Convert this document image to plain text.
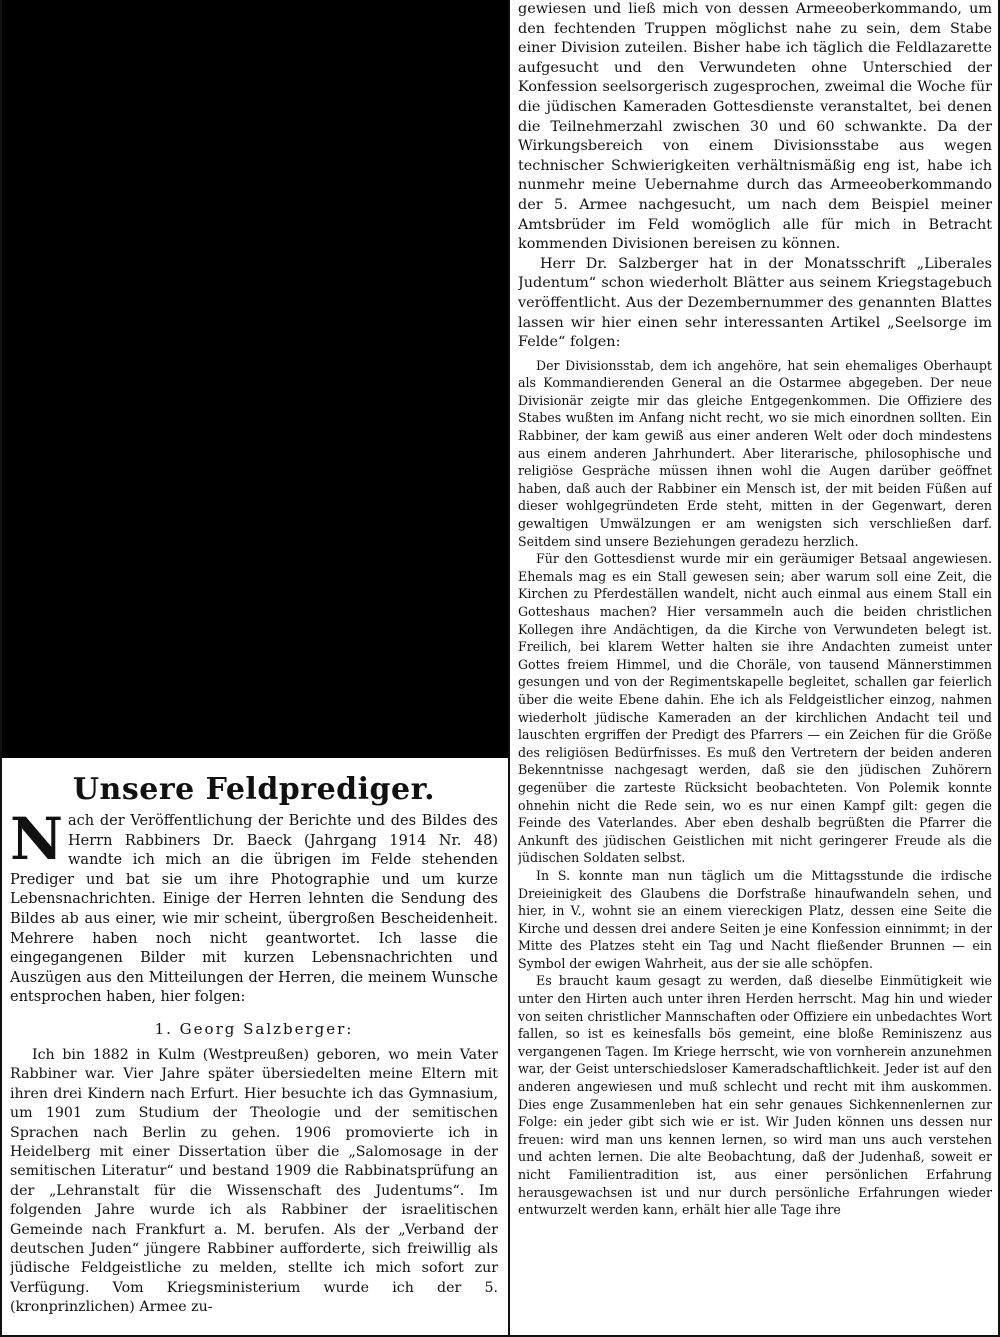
Unsere Feldprediger.

Nach der Veröffentlichung der Berichte und des Bildes des Herrn Rabbiners Dr. Baeck (Jahrgang 1914 Nr. 48) wandte ich mich an die übrigen im Felde stehenden Prediger und bat sie um ihre Photographie und um kurze Lebensnachrichten. Einige der Herren lehnten die Sendung des Bildes ab aus einer, wie mir scheint, übergroßen Bescheidenheit. Mehrere haben noch nicht geantwortet. Ich lasse die eingegangenen Bilder mit kurzen Lebensnachrichten und Auszügen aus den Mitteilungen der Herren, die meinem Wunsche entsprochen haben, hier folgen:

1. Georg Salzberger:

Ich bin 1882 in Kulm (Westpreußen) geboren, wo mein Vater Rabbiner war. Vier Jahre später übersiedelten meine Eltern mit ihren drei Kindern nach Erfurt. Hier besuchte ich das Gymnasium, um 1901 zum Studium der Theologie und der semitischen Sprachen nach Berlin zu gehen. 1906 promovierte ich in Heidelberg mit einer Dissertation über die „Salomosage in der semitischen Literatur“ und bestand 1909 die Rabbinatsprüfung an der „Lehranstalt für die Wissenschaft des Judentums“. Im folgenden Jahre wurde ich als Rabbiner der israelitischen Gemeinde nach Frankfurt a. M. berufen. Als der „Verband der deutschen Juden“ jüngere Rabbiner aufforderte, sich freiwillig als jüdische Feldgeistliche zu melden, stellte ich mich sofort zur Verfügung. Vom Kriegsministerium wurde ich der 5. (kronprinzlichen) Armee zu-

gewiesen und ließ mich von dessen Armeeoberkommando, um den fechtenden Truppen möglichst nahe zu sein, dem Stabe einer Division zuteilen. Bisher habe ich täglich die Feldlazarette aufgesucht und den Verwundeten ohne Unterschied der Konfession seelsorgerisch zugesprochen, zweimal die Woche für die jüdischen Kameraden Gottesdienste veranstaltet, bei denen die Teilnehmerzahl zwischen 30 und 60 schwankte. Da der Wirkungsbereich von einem Divisionsstabe aus wegen technischer Schwierigkeiten verhältnismäßig eng ist, habe ich nunmehr meine Uebernahme durch das Armeeoberkommando der 5. Armee nachgesucht, um nach dem Beispiel meiner Amtsbrüder im Feld womöglich alle für mich in Betracht kommenden Divisionen bereisen zu können.

Herr Dr. Salzberger hat in der Monatsschrift „Liberales Judentum“ schon wiederholt Blätter aus seinem Kriegstagebuch veröffentlicht. Aus der Dezembernummer des genannten Blattes lassen wir hier einen sehr interessanten Artikel „Seelsorge im Felde“ folgen:

Der Divisionsstab, dem ich angehöre, hat sein ehemaliges Oberhaupt als Kommandierenden General an die Ostarmee abgegeben. Der neue Divisionär zeigte mir das gleiche Entgegenkommen. Die Offiziere des Stabes wußten im Anfang nicht recht, wo sie mich einordnen sollten. Ein Rabbiner, der kam gewiß aus einer anderen Welt oder doch mindestens aus einem anderen Jahrhundert. Aber literarische, philosophische und religiöse Gespräche müssen ihnen wohl die Augen darüber geöffnet haben, daß auch der Rabbiner ein Mensch ist, der mit beiden Füßen auf dieser wohlgegründeten Erde steht, mitten in der Gegenwart, deren gewaltigen Umwälzungen er am wenigsten sich verschließen darf. Seitdem sind unsere Beziehungen geradezu herzlich.

Für den Gottesdienst wurde mir ein geräumiger Betsaal angewiesen. Ehemals mag es ein Stall gewesen sein; aber warum soll eine Zeit, die Kirchen zu Pferdeställen wandelt, nicht auch einmal aus einem Stall ein Gotteshaus machen? Hier versammeln auch die beiden christlichen Kollegen ihre Andächtigen, da die Kirche von Verwundeten belegt ist. Freilich, bei klarem Wetter halten sie ihre Andachten zumeist unter Gottes freiem Himmel, und die Choräle, von tausend Männerstimmen gesungen und von der Regimentskapelle begleitet, schallen gar feierlich über die weite Ebene dahin. Ehe ich als Feldgeistlicher einzog, nahmen wiederholt jüdische Kameraden an der kirchlichen Andacht teil und lauschten ergriffen der Predigt des Pfarrers — ein Zeichen für die Größe des religiösen Bedürfnisses. Es muß den Vertretern der beiden anderen Bekenntnisse nachgesagt werden, daß sie den jüdischen Zuhörern gegenüber die zarteste Rücksicht beobachteten. Von Polemik konnte ohnehin nicht die Rede sein, wo es nur einen Kampf gilt: gegen die Feinde des Vaterlandes. Aber eben deshalb begrüßten die Pfarrer die Ankunft des jüdischen Geistlichen mit nicht geringerer Freude als die jüdischen Soldaten selbst.

In S. konnte man nun täglich um die Mittagsstunde die irdische Dreieinigkeit des Glaubens die Dorfstraße hinaufwandeln sehen, und hier, in V., wohnt sie an einem viereckigen Platz, dessen eine Seite die Kirche und dessen drei andere Seiten je eine Konfession einnimmt; in der Mitte des Platzes steht ein Tag und Nacht fließender Brunnen — ein Symbol der ewigen Wahrheit, aus der sie alle schöpfen.

Es braucht kaum gesagt zu werden, daß dieselbe Einmütigkeit wie unter den Hirten auch unter ihren Herden herrscht. Mag hin und wieder von seiten christlicher Mannschaften oder Offiziere ein unbedachtes Wort fallen, so ist es keinesfalls bös gemeint, eine bloße Reminiszenz aus vergangenen Tagen. Im Kriege herrscht, wie von vornherein anzunehmen war, der Geist unterschiedsloser Kameradschaftlichkeit. Jeder ist auf den anderen angewiesen und muß schlecht und recht mit ihm auskommen. Dies enge Zusammenleben hat ein sehr genaues Sichkennenlernen zur Folge: ein jeder gibt sich wie er ist. Wir Juden können uns dessen nur freuen: wird man uns kennen lernen, so wird man uns auch verstehen und achten lernen. Die alte Beobachtung, daß der Judenhaß, soweit er nicht Familientradition ist, aus einer persönlichen Erfahrung herausgewachsen ist und nur durch persönliche Erfahrungen wieder entwurzelt werden kann, erhält hier alle Tage ihre
